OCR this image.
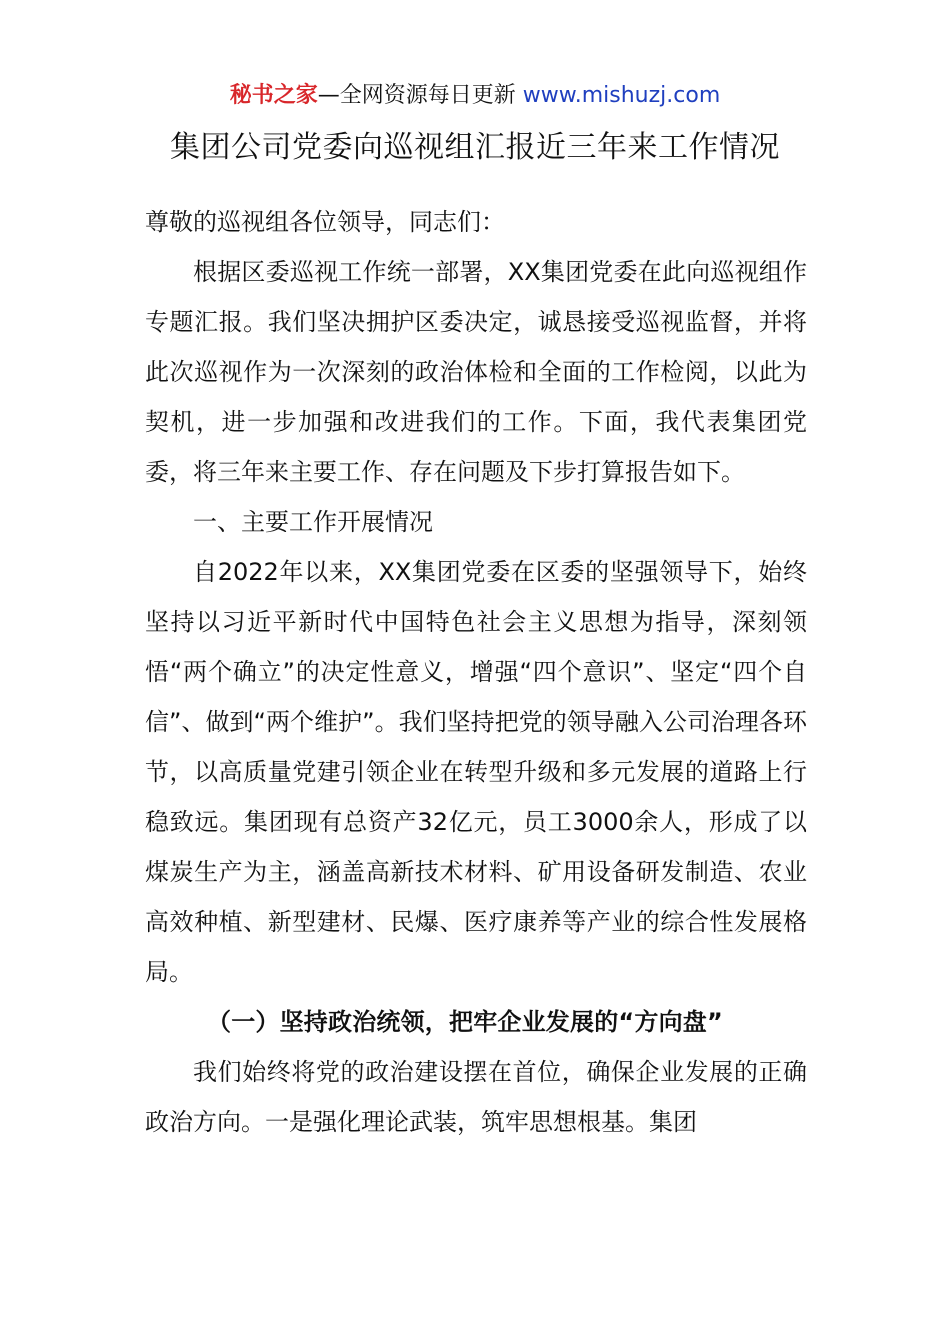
秘书之家—全网资源每日更新 www.mishuzj.com
集团公司党委向巡视组汇报近三年来工作情况

尊敬的巡视组各位领导，同志们：

根据区委巡视工作统一部署，XX集团党委在此向巡视组作专题汇报。我们坚决拥护区委决定，诚恳接受巡视监督，并将此次巡视作为一次深刻的政治体检和全面的工作检阅，以此为契机，进一步加强和改进我们的工作。下面，我代表集团党委，将三年来主要工作、存在问题及下步打算报告如下。

一、主要工作开展情况

自2022年以来，XX集团党委在区委的坚强领导下，始终坚持以习近平新时代中国特色社会主义思想为指导，深刻领悟“两个确立”的决定性意义，增强“四个意识”、坚定“四个自信”、做到“两个维护”。我们坚持把党的领导融入公司治理各环节，以高质量党建引领企业在转型升级和多元发展的道路上行稳致远。集团现有总资产32亿元，员工3000余人，形成了以煤炭生产为主，涵盖高新技术材料、矿用设备研发制造、农业高效种植、新型建材、民爆、医疗康养等产业的综合性发展格局。

（一）坚持政治统领，把牢企业发展的“方向盘”

我们始终将党的政治建设摆在首位，确保企业发展的正确政治方向。一是强化理论武装，筑牢思想根基。集团
